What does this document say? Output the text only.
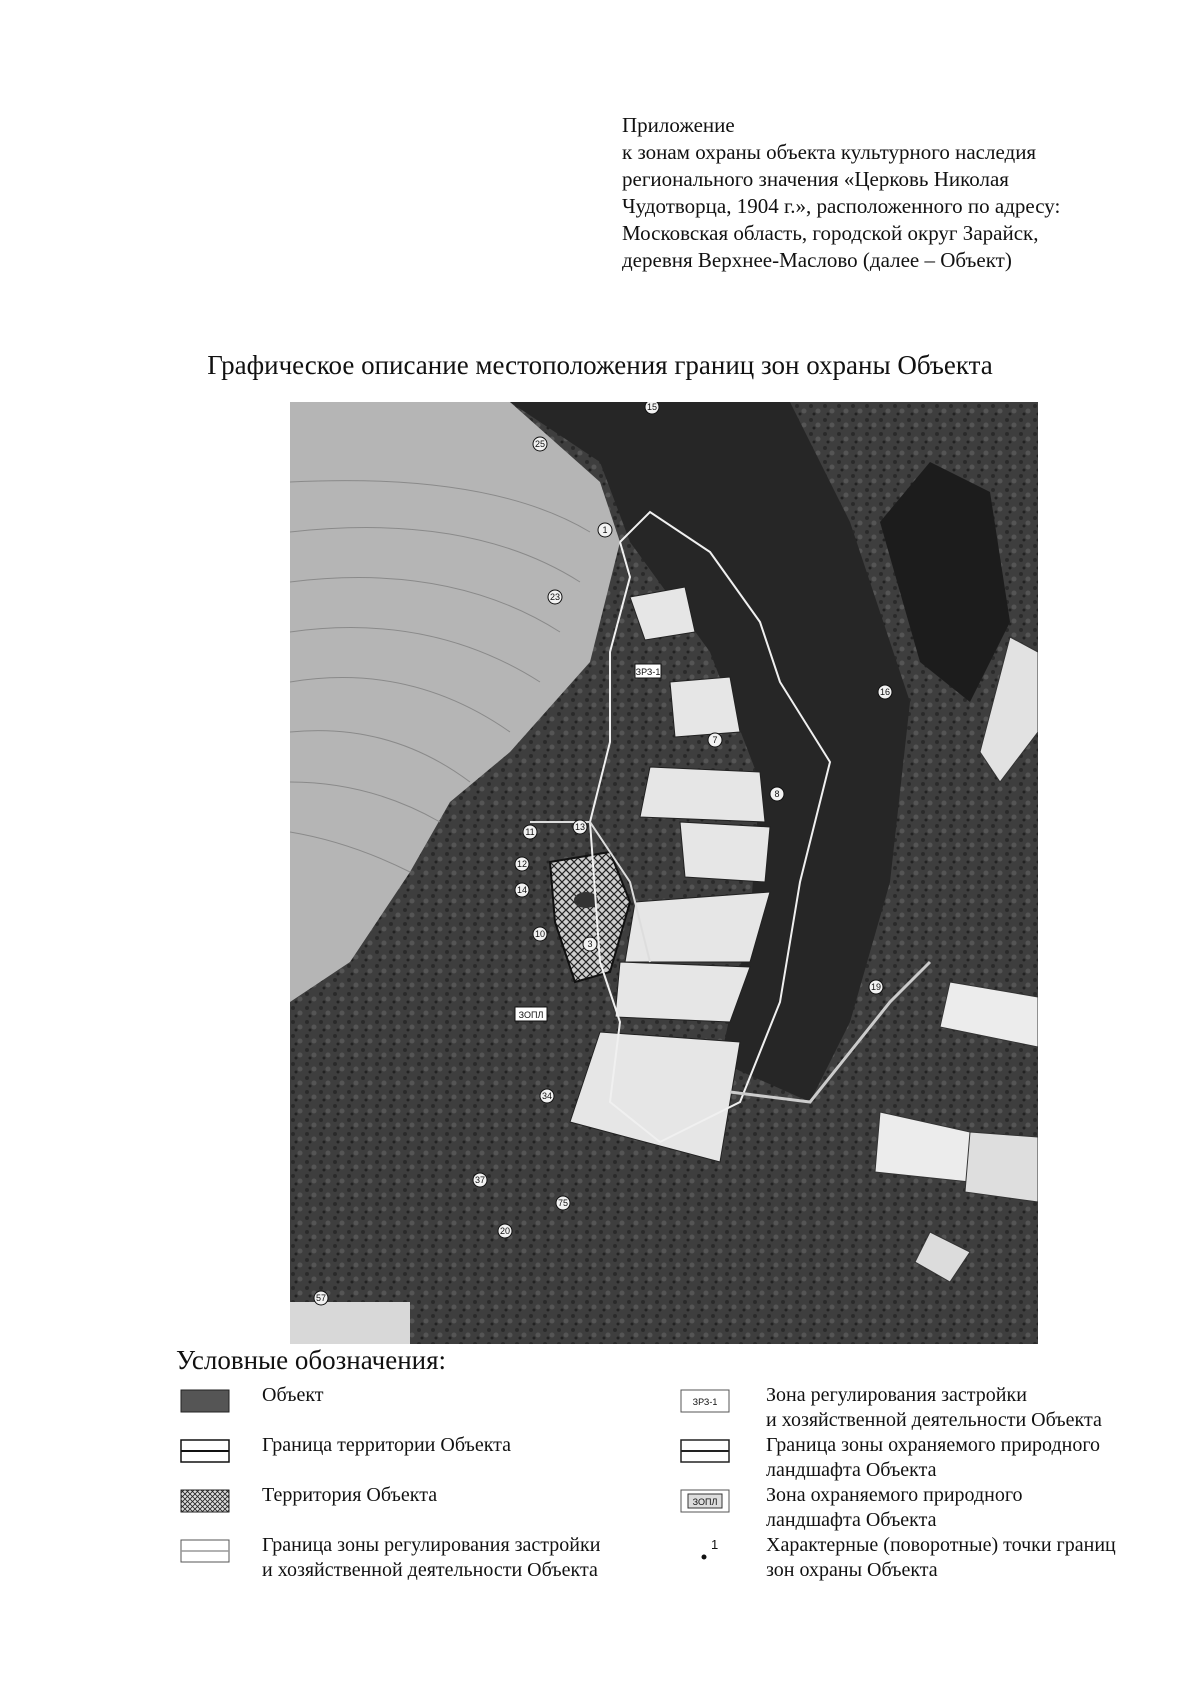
Приложение
к зонам охраны объекта культурного наследия
регионального значения «Церковь Николая
Чудотворца, 1904 г.», расположенного по адресу:
Московская область, городской округ Зарайск,
деревня Верхнее-Маслово (далее – Объект)
Графическое описание местоположения границ зон охраны Объекта
ЗРЗ-1
ЗОПЛ
15
25
1
23
16
7
8
11	13
12
14
10
3
19
34
37
75
20
57
Условные обозначения:
Объект
Граница территории Объекта
Территория Объекта
Граница зоны регулирования застройки
и хозяйственной деятельности Объекта
ЗРЗ-1 Зона регулирования застройки
и хозяйственной деятельности Объекта
Граница зоны охраняемого природного
ландшафта Объекта
ЗОПЛ Зона охраняемого природного
ландшафта Объекта
1 Характерные (поворотные) точки границ
зон охраны Объекта
